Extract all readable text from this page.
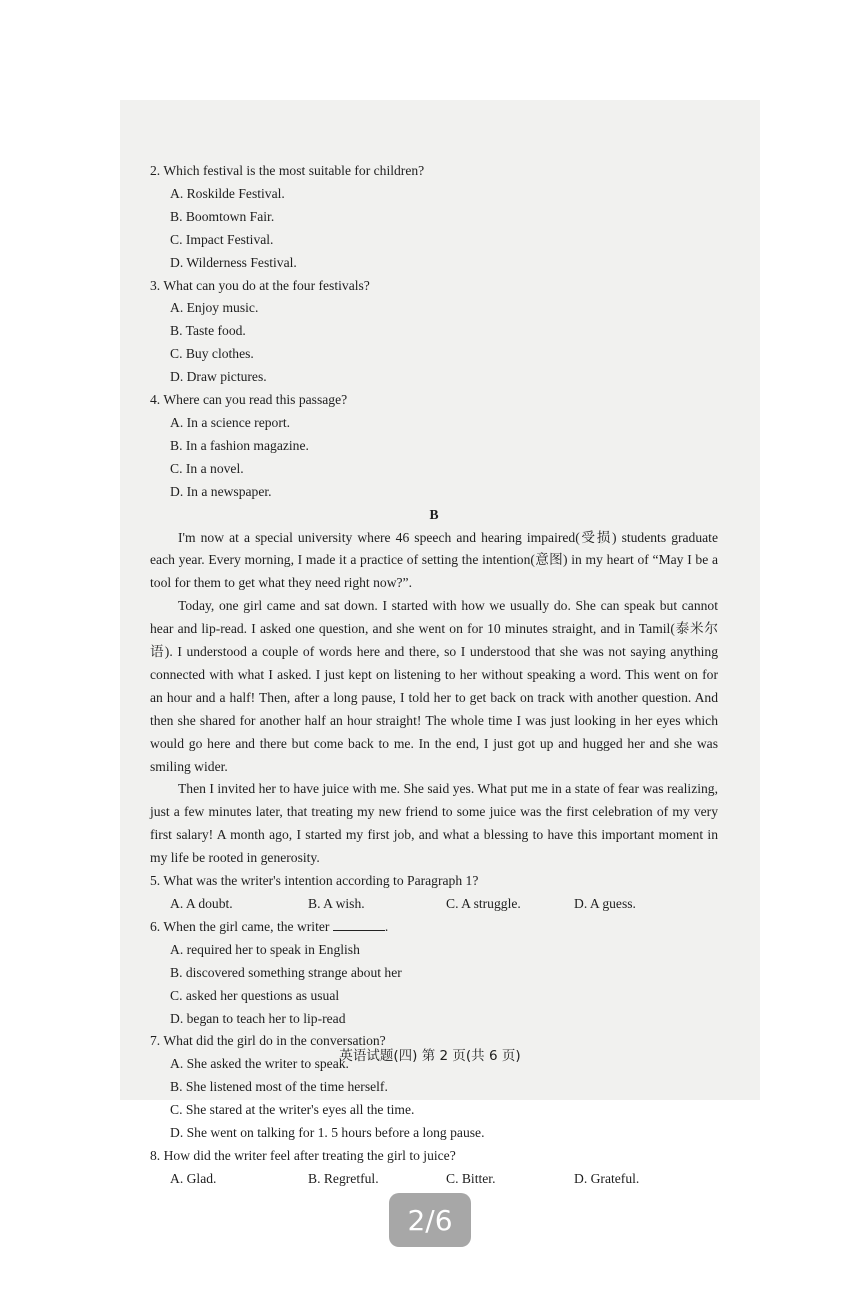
2. Which festival is the most suitable for children?

A. Roskilde Festival.
B. Boomtown Fair.
C. Impact Festival.
D. Wilderness Festival.

3. What can you do at the four festivals?

A. Enjoy music.
B. Taste food.
C. Buy clothes.
D. Draw pictures.

4. Where can you read this passage?

A. In a science report.
B. In a fashion magazine.
C. In a novel.
D. In a newspaper.

B

I'm now at a special university where 46 speech and hearing impaired(受损) students graduate each year. Every morning, I made it a practice of setting the intention(意图) in my heart of “May I be a tool for them to get what they need right now?”.

Today, one girl came and sat down. I started with how we usually do. She can speak but cannot hear and lip-read. I asked one question, and she went on for 10 minutes straight, and in Tamil(泰米尔语). I understood a couple of words here and there, so I understood that she was not saying anything connected with what I asked. I just kept on listening to her without speaking a word. This went on for an hour and a half! Then, after a long pause, I told her to get back on track with another question. And then she shared for another half an hour straight! The whole time I was just looking in her eyes which would go here and there but come back to me. In the end, I just got up and hugged her and she was smiling wider.

Then I invited her to have juice with me. She said yes. What put me in a state of fear was realizing, just a few minutes later, that treating my new friend to some juice was the first celebration of my very first salary! A month ago, I started my first job, and what a blessing to have this important moment in my life be rooted in generosity.

5. What was the writer's intention according to Paragraph 1?

A. A doubt.	B. A wish.	C. A struggle.	D. A guess.

6. When the girl came, the writer	.

A. required her to speak in English
B. discovered something strange about her
C. asked her questions as usual
D. began to teach her to lip-read

7. What did the girl do in the conversation?

A. She asked the writer to speak.
B. She listened most of the time herself.
C. She stared at the writer's eyes all the time.
D. She went on talking for 1. 5 hours before a long pause.

8. How did the writer feel after treating the girl to juice?

A. Glad.	B. Regretful.	C. Bitter.	D. Grateful.
英语试题(四) 第 2 页(共 6 页)
2/6
